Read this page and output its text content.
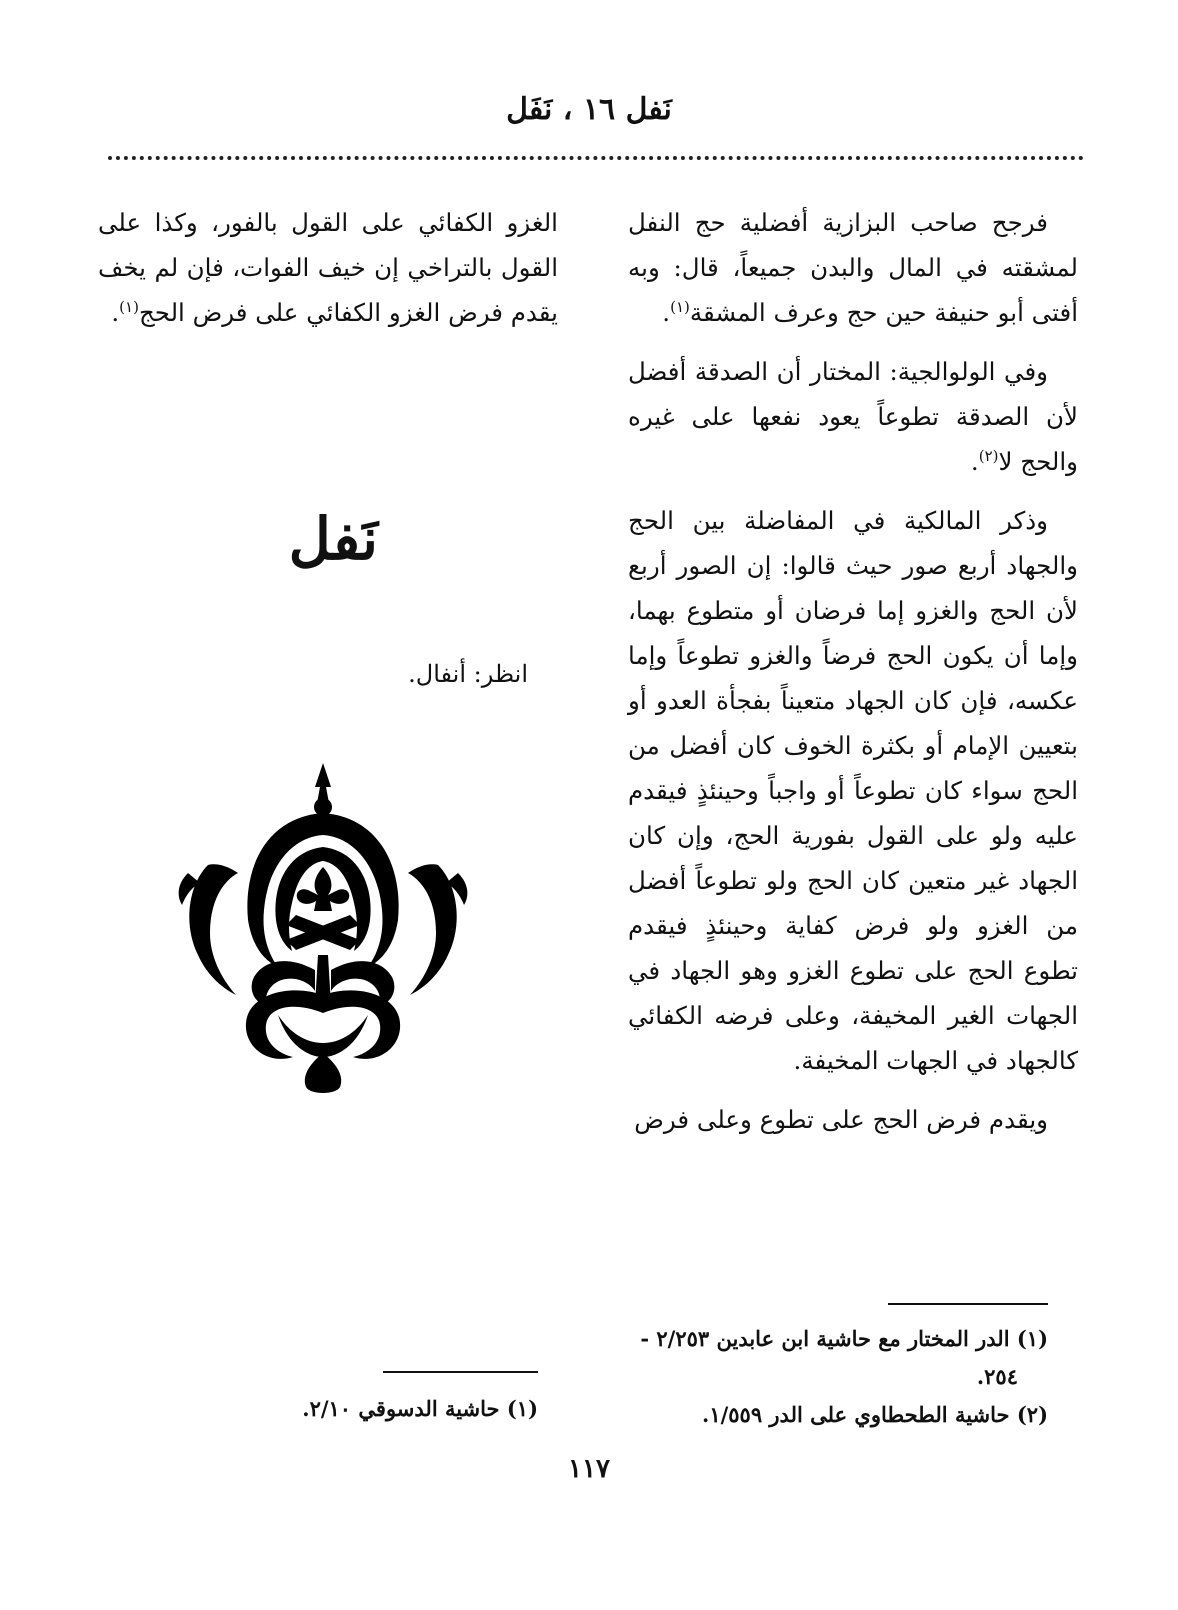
نَفل ١٦ ، نَفَل

فرجح صاحب البزازية أفضلية حج النفل لمشقته في المال والبدن جميعاً، قال: وبه أفتى أبو حنيفة حين حج وعرف المشقة$^{(١)}$.

وفي الولوالجية: المختار أن الصدقة أفضل لأن الصدقة تطوعاً يعود نفعها على غيره والحج لا$^{(٢)}$.

وذكر المالكية في المفاضلة بين الحج والجهاد أربع صور حيث قالوا: إن الصور أربع لأن الحج والغزو إما فرضان أو متطوع بهما، وإما أن يكون الحج فرضاً والغزو تطوعاً وإما عكسه، فإن كان الجهاد متعيناً بفجأة العدو أو بتعيين الإمام أو بكثرة الخوف كان أفضل من الحج سواء كان تطوعاً أو واجباً وحينئذٍ فيقدم عليه ولو على القول بفورية الحج، وإن كان الجهاد غير متعين كان الحج ولو تطوعاً أفضل من الغزو ولو فرض كفاية وحينئذٍ فيقدم تطوع الحج على تطوع الغزو وهو الجهاد في الجهات الغير المخيفة، وعلى فرضه الكفائي كالجهاد في الجهات المخيفة.

ويقدم فرض الحج على تطوع وعلى فرض

الغزو الكفائي على القول بالفور، وكذا على القول بالتراخي إن خيف الفوات، فإن لم يخف يقدم فرض الغزو الكفائي على فرض الحج$^{(١)}$.

نَفل
انظر: أنفال.
(١) الدر المختار مع حاشية ابن عابدين ٢/٢٥٣ -
٢٥٤.
(٢) حاشية الطحطاوي على الدر ١/٥٥٩.
(١) حاشية الدسوقي ٢/١٠.
١١٧
